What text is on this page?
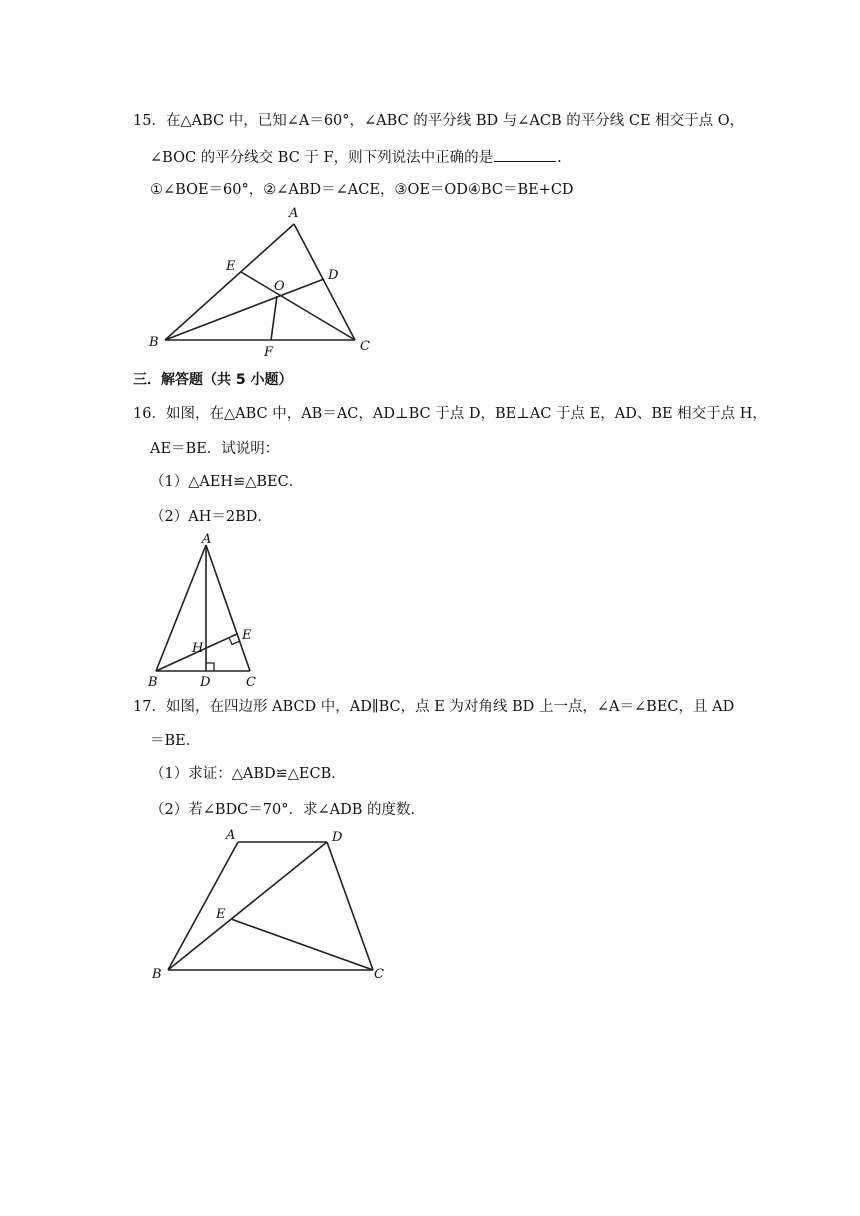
15．在△ABC 中，已知∠A＝60°，∠ABC 的平分线 BD 与∠ACB 的平分线 CE 相交于点 O，
∠BOC 的平分线交 BC 于 F，则下列说法中正确的是	.
①∠BOE＝60°，②∠ABD＝∠ACE，③OE＝OD④BC＝BE+CD
A
E
D
O
B	C
F
三．解答题（共 5 小题）
16．如图，在△ABC 中，AB＝AC，AD⊥BC 于点 D，BE⊥AC 于点 E，AD、BE 相交于点 H，
AE＝BE．试说明：
（1）△AEH≌△BEC．
（2）AH＝2BD．
A
H
E
B	D	C
17．如图，在四边形 ABCD 中，AD∥BC，点 E 为对角线 BD 上一点，∠A＝∠BEC，且 AD
＝BE．
（1）求证：△ABD≌△ECB．
（2）若∠BDC＝70°．求∠ADB 的度数．
A	D
E
B	C
